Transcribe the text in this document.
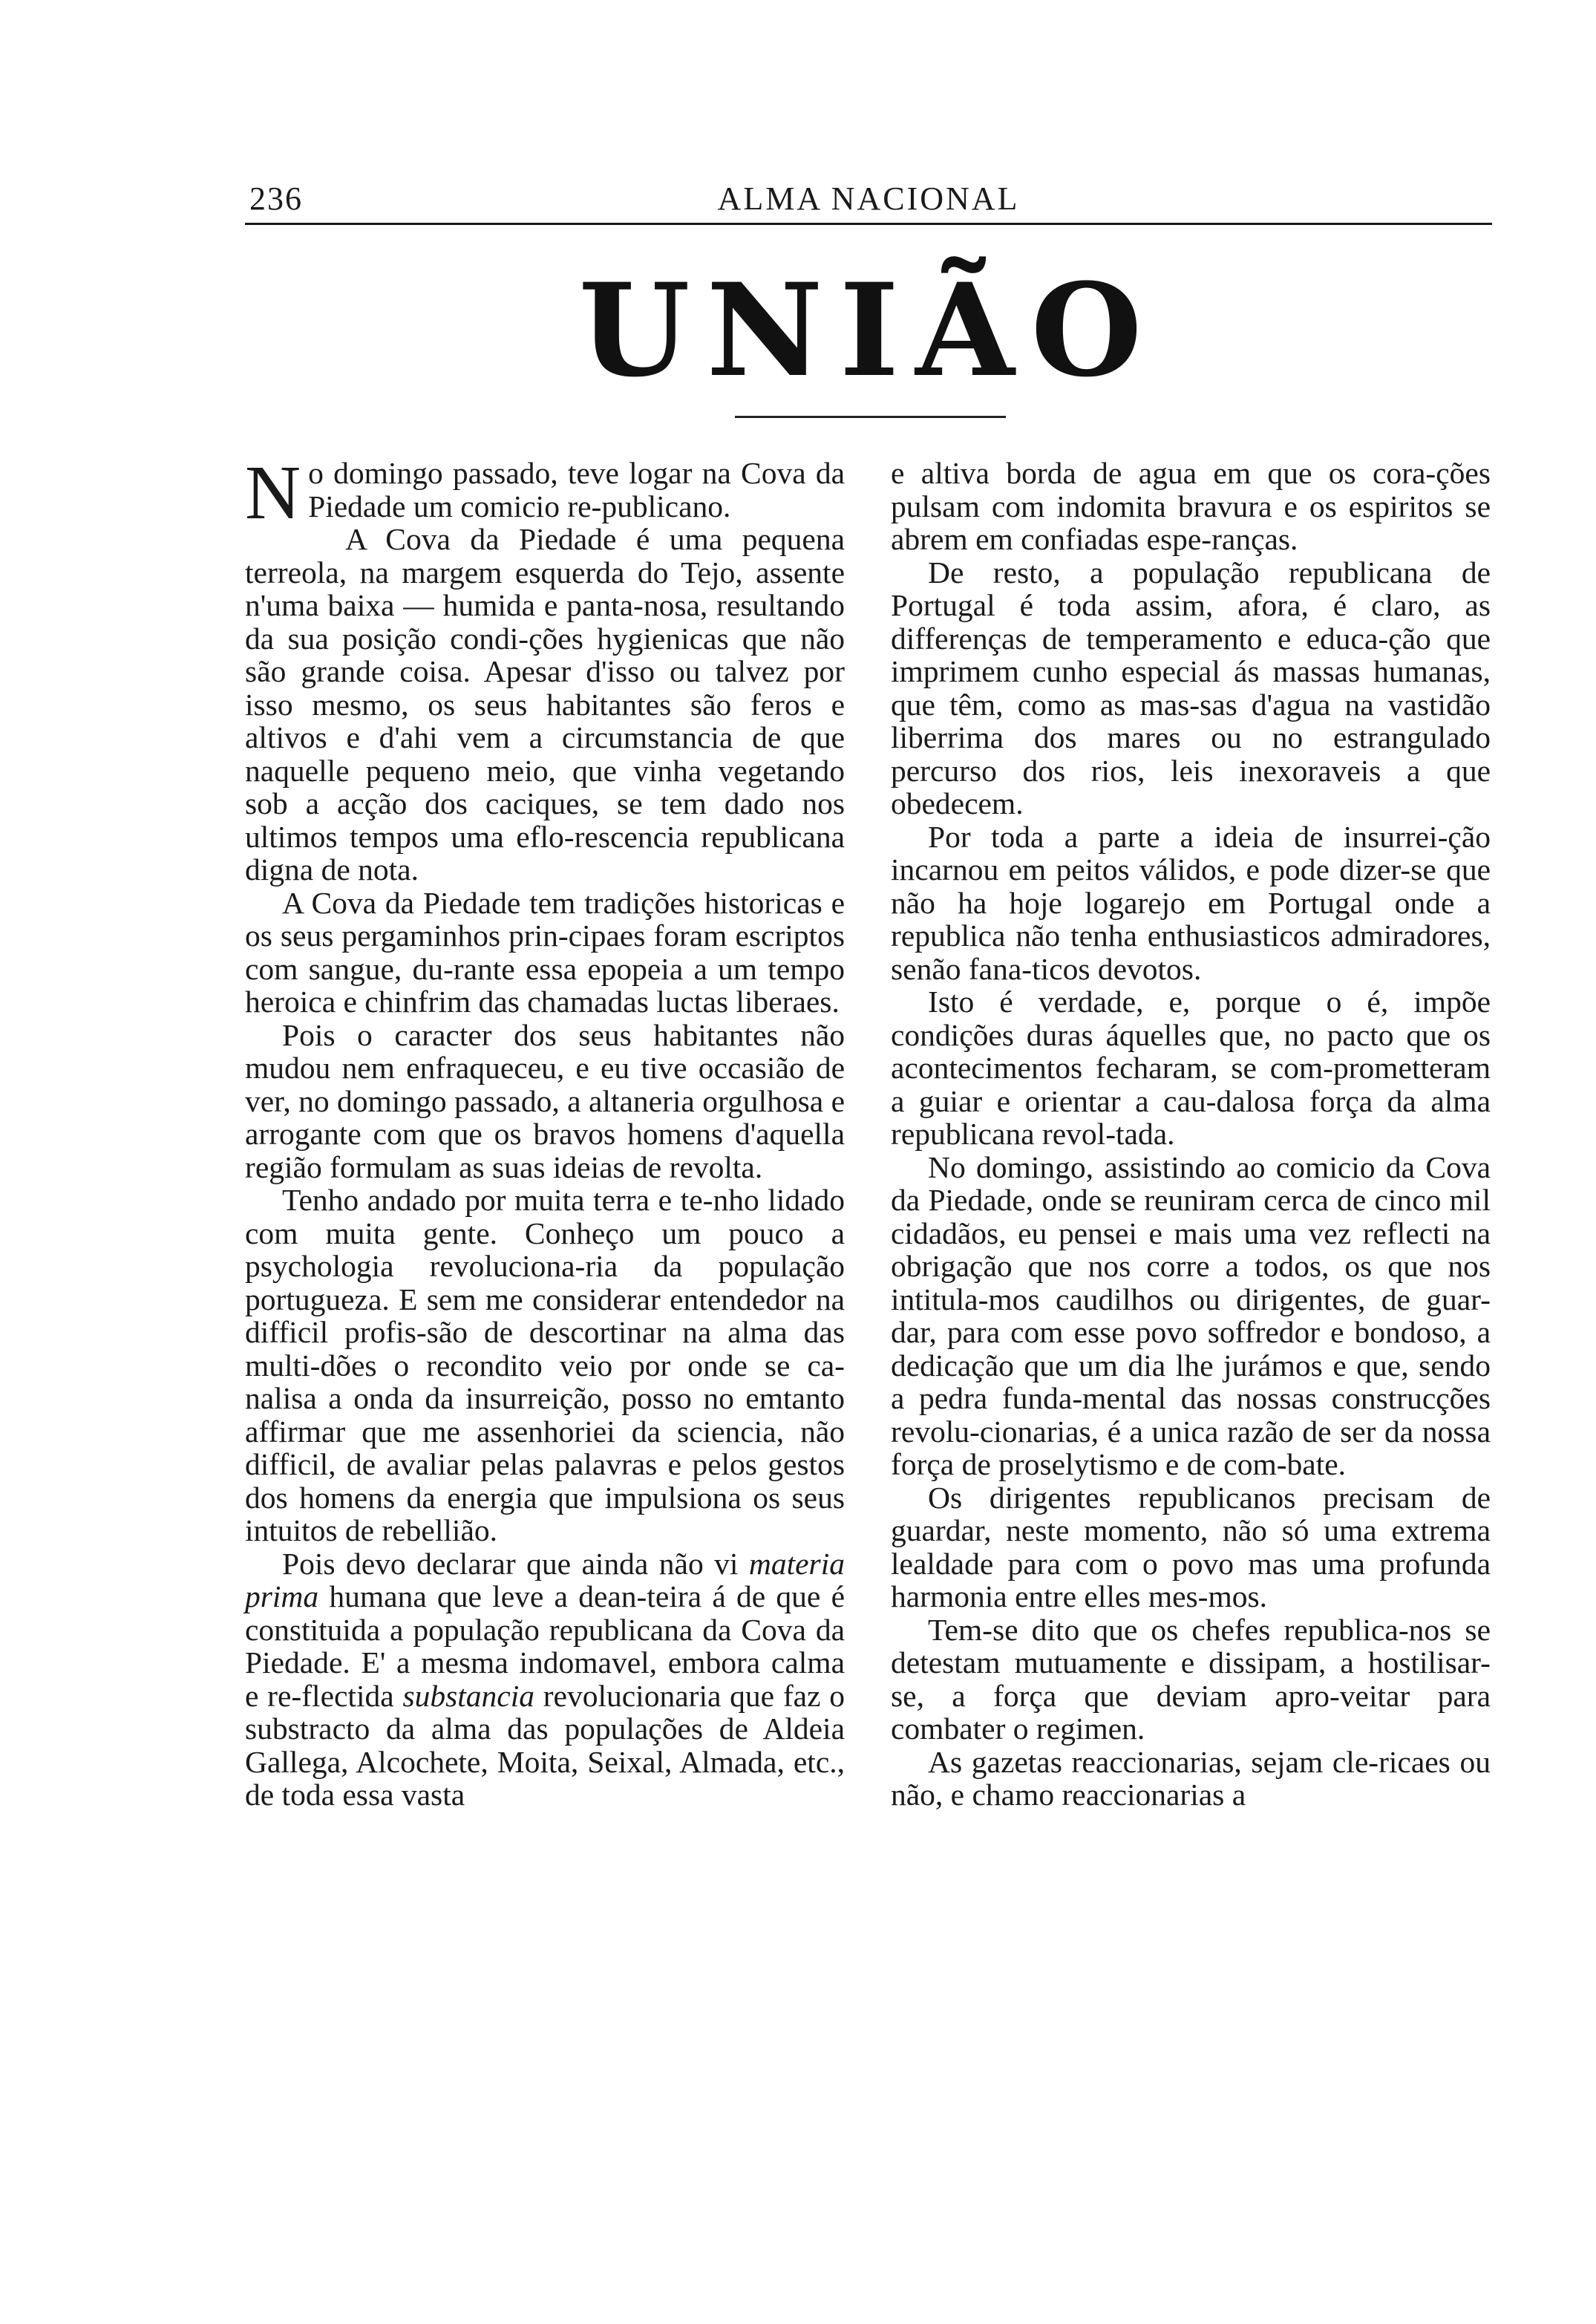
236	ALMA NACIONAL
UNIÃO

No domingo passado, teve logar na Cova da Piedade um comicio re-publicano.

A Cova da Piedade é uma pequena terreola, na margem esquerda do Tejo, assente n'uma baixa — humida e panta-nosa, resultando da sua posição condi-ções hygienicas que não são grande coisa. Apesar d'isso ou talvez por isso mesmo, os seus habitantes são feros e altivos e d'ahi vem a circumstancia de que naquelle pequeno meio, que vinha vegetando sob a acção dos caciques, se tem dado nos ultimos tempos uma eflo-rescencia republicana digna de nota.

A Cova da Piedade tem tradições historicas e os seus pergaminhos prin-cipaes foram escriptos com sangue, du-rante essa epopeia a um tempo heroica e chinfrim das chamadas luctas liberaes.

Pois o caracter dos seus habitantes não mudou nem enfraqueceu, e eu tive occasião de ver, no domingo passado, a altaneria orgulhosa e arrogante com que os bravos homens d'aquella região formulam as suas ideias de revolta.

Tenho andado por muita terra e te-nho lidado com muita gente. Conheço um pouco a psychologia revoluciona-ria da população portugueza. E sem me considerar entendedor na difficil profis-são de descortinar na alma das multi-dões o recondito veio por onde se ca-nalisa a onda da insurreição, posso no emtanto affirmar que me assenhoriei da sciencia, não difficil, de avaliar pelas palavras e pelos gestos dos homens da energia que impulsiona os seus intuitos de rebellião.

Pois devo declarar que ainda não vi materia prima humana que leve a dean-teira á de que é constituida a população republicana da Cova da Piedade. E' a mesma indomavel, embora calma e re-flectida substancia revolucionaria que faz o substracto da alma das populações de Aldeia Gallega, Alcochete, Moita, Seixal, Almada, etc., de toda essa vasta

e altiva borda de agua em que os cora-ções pulsam com indomita bravura e os espiritos se abrem em confiadas espe-ranças.

De resto, a população republicana de Portugal é toda assim, afora, é claro, as differenças de temperamento e educa-ção que imprimem cunho especial ás massas humanas, que têm, como as mas-sas d'agua na vastidão liberrima dos mares ou no estrangulado percurso dos rios, leis inexoraveis a que obedecem.

Por toda a parte a ideia de insurrei-ção incarnou em peitos válidos, e pode dizer-se que não ha hoje logarejo em Portugal onde a republica não tenha enthusiasticos admiradores, senão fana-ticos devotos.

Isto é verdade, e, porque o é, impõe condições duras áquelles que, no pacto que os acontecimentos fecharam, se com-prometteram a guiar e orientar a cau-dalosa força da alma republicana revol-tada.

No domingo, assistindo ao comicio da Cova da Piedade, onde se reuniram cerca de cinco mil cidadãos, eu pensei e mais uma vez reflecti na obrigação que nos corre a todos, os que nos intitula-mos caudilhos ou dirigentes, de guar-dar, para com esse povo soffredor e bondoso, a dedicação que um dia lhe jurámos e que, sendo a pedra funda-mental das nossas construcções revolu-cionarias, é a unica razão de ser da nossa força de proselytismo e de com-bate.

Os dirigentes republicanos precisam de guardar, neste momento, não só uma extrema lealdade para com o povo mas uma profunda harmonia entre elles mes-mos.

Tem-se dito que os chefes republica-nos se detestam mutuamente e dissipam, a hostilisar-se, a força que deviam apro-veitar para combater o regimen.

As gazetas reaccionarias, sejam cle-ricaes ou não, e chamo reaccionarias a
